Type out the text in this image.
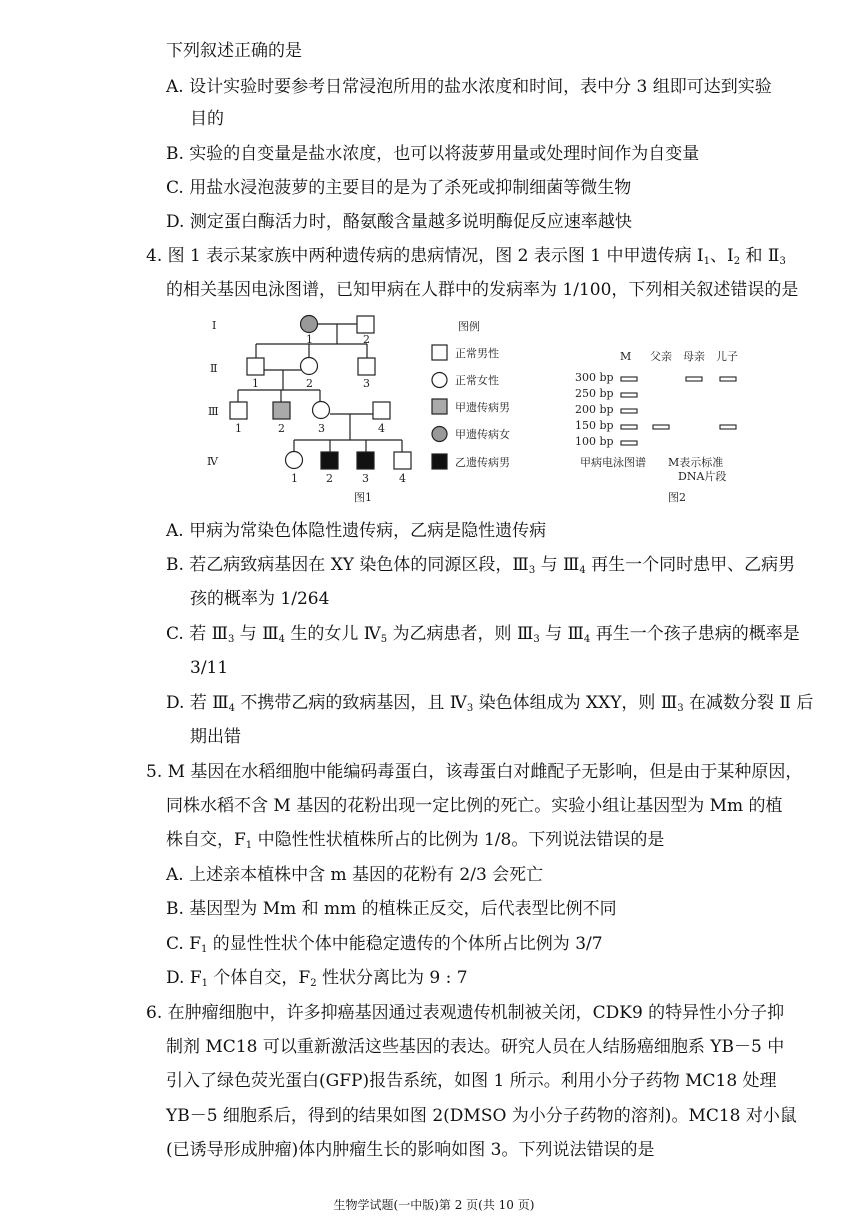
下列叙述正确的是
A. 设计实验时要参考日常浸泡所用的盐水浓度和时间，表中分 3 组即可达到实验
目的
B. 实验的自变量是盐水浓度，也可以将菠萝用量或处理时间作为自变量
C. 用盐水浸泡菠萝的主要目的是为了杀死或抑制细菌等微生物
D. 测定蛋白酶活力时，酪氨酸含量越多说明酶促反应速率越快
4. 图 1 表示某家族中两种遗传病的患病情况，图 2 表示图 1 中甲遗传病 $Ⅰ_1$、$Ⅰ_2$ 和 $Ⅱ_3$
的相关基因电泳图谱，已知甲病在人群中的发病率为 1/100，下列相关叙述错误的是
Ⅰ
Ⅱ
Ⅲ
Ⅳ
1	2
1	2	3
1	2	3	4
1	2	3	4
图例
正常男性
正常女性
甲遗传病男
甲遗传病女
乙遗传病男
图1
M 父亲 母亲 儿子
300 bp
250 bp
200 bp
150 bp
100 bp
甲病电泳图谱 M表示标准
DNA片段
图2
A. 甲病为常染色体隐性遗传病，乙病是隐性遗传病
B. 若乙病致病基因在 XY 染色体的同源区段，$Ⅲ_3$ 与 $Ⅲ_4$ 再生一个同时患甲、乙病男
孩的概率为 1/264
C. 若 $Ⅲ_3$ 与 $Ⅲ_4$ 生的女儿 $Ⅳ_5$ 为乙病患者，则 $Ⅲ_3$ 与 $Ⅲ_4$ 再生一个孩子患病的概率是
3/11
D. 若 $Ⅲ_4$ 不携带乙病的致病基因，且 $Ⅳ_3$ 染色体组成为 XXY，则 $Ⅲ_3$ 在减数分裂 Ⅱ 后
期出错
5. M 基因在水稻细胞中能编码毒蛋白，该毒蛋白对雌配子无影响，但是由于某种原因，
同株水稻不含 M 基因的花粉出现一定比例的死亡。实验小组让基因型为 Mm 的植
株自交，$F_1$ 中隐性性状植株所占的比例为 1/8。下列说法错误的是
A. 上述亲本植株中含 m 基因的花粉有 2/3 会死亡
B. 基因型为 Mm 和 mm 的植株正反交，后代表型比例不同
C. $F_1$ 的显性性状个体中能稳定遗传的个体所占比例为 3/7
D. $F_1$ 个体自交，$F_2$ 性状分离比为 9 : 7
6. 在肿瘤细胞中，许多抑癌基因通过表观遗传机制被关闭，CDK9 的特异性小分子抑
制剂 MC18 可以重新激活这些基因的表达。研究人员在人结肠癌细胞系 YB－5 中
引入了绿色荧光蛋白(GFP)报告系统，如图 1 所示。利用小分子药物 MC18 处理
YB－5 细胞系后，得到的结果如图 2(DMSO 为小分子药物的溶剂)。MC18 对小鼠
(已诱导形成肿瘤)体内肿瘤生长的影响如图 3。下列说法错误的是
生物学试题(一中版)第 2 页(共 10 页)
